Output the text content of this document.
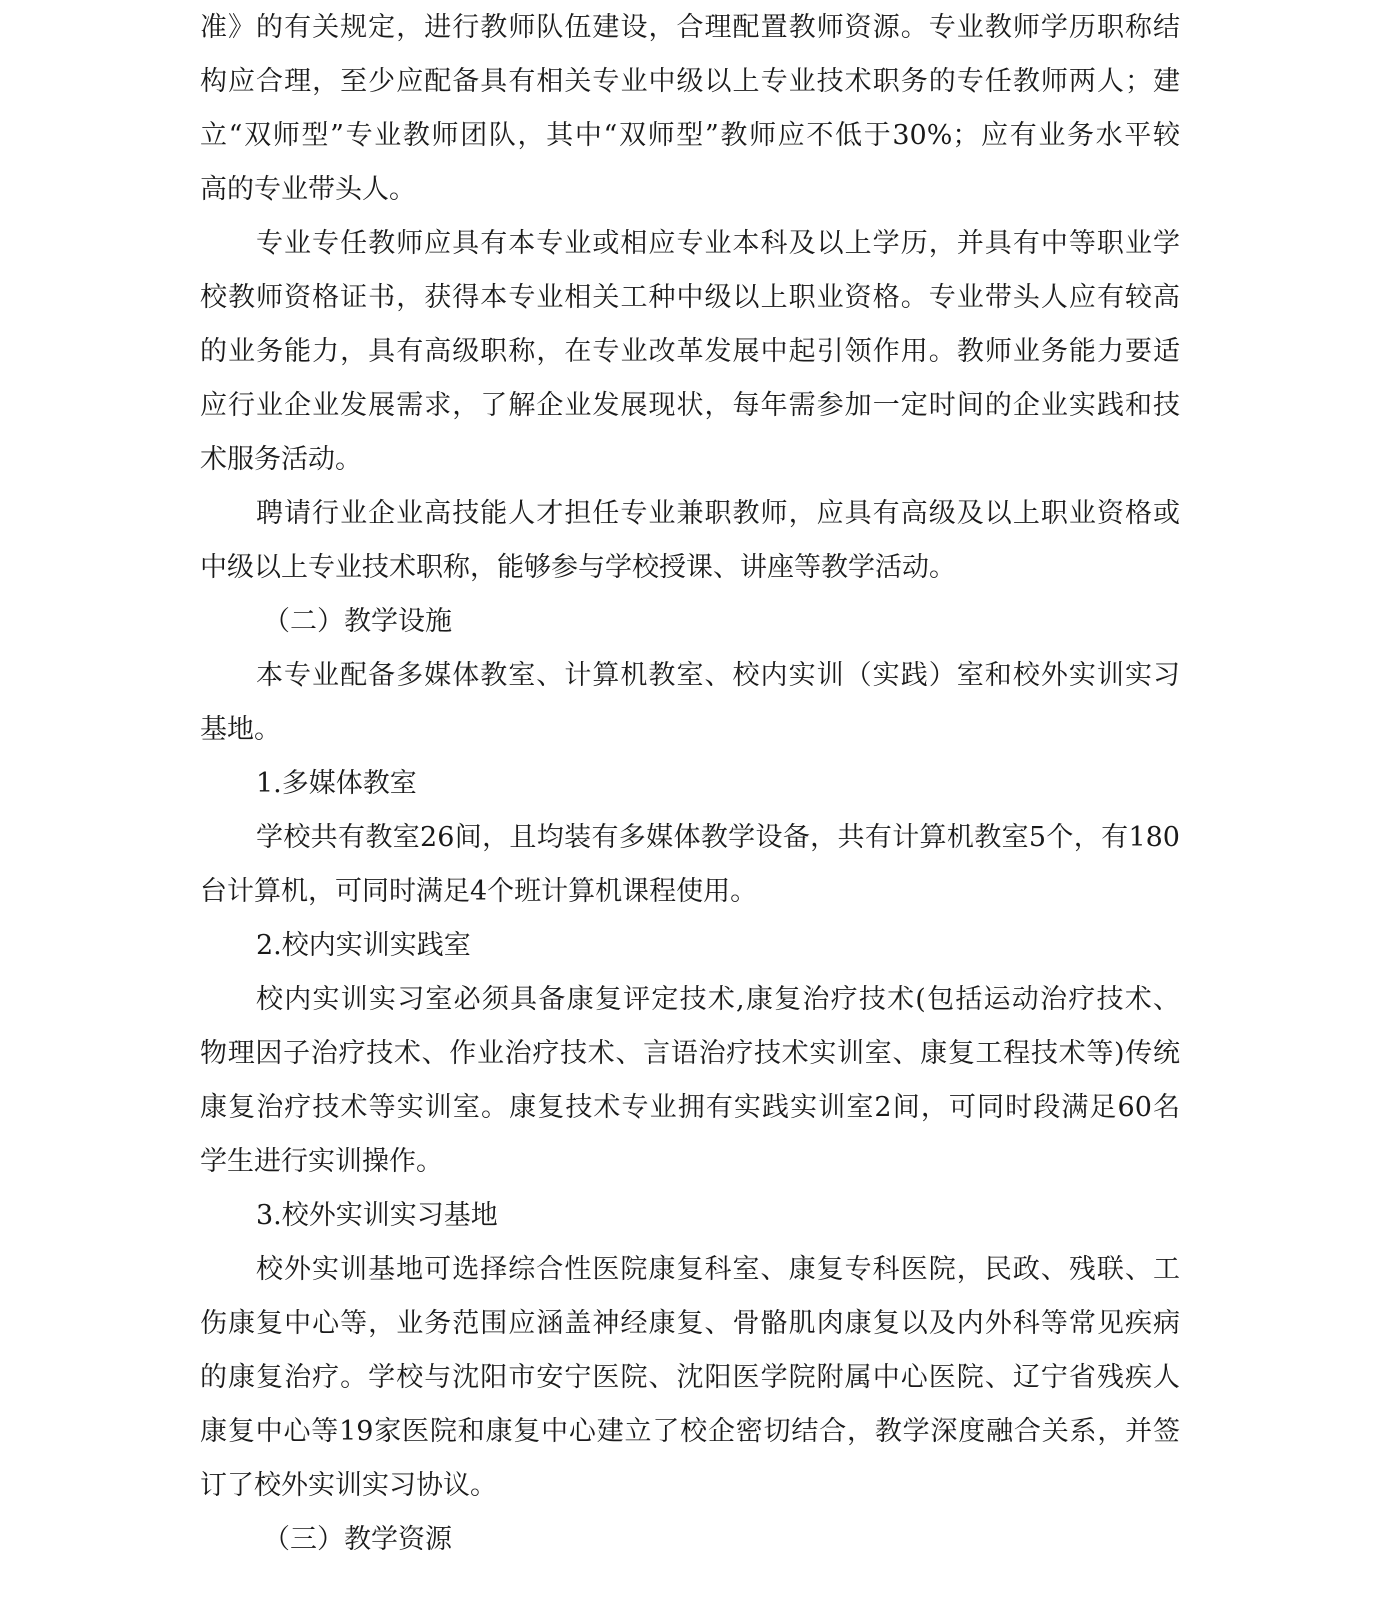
准》的有关规定，进行教师队伍建设，合理配置教师资源。专业教师学历职称结
构应合理，至少应配备具有相关专业中级以上专业技术职务的专任教师两人；建
立“双师型”专业教师团队，其中“双师型”教师应不低于30%；应有业务水平较
高的专业带头人。
专业专任教师应具有本专业或相应专业本科及以上学历，并具有中等职业学
校教师资格证书，获得本专业相关工种中级以上职业资格。专业带头人应有较高
的业务能力，具有高级职称，在专业改革发展中起引领作用。教师业务能力要适
应行业企业发展需求，了解企业发展现状，每年需参加一定时间的企业实践和技
术服务活动。
聘请行业企业高技能人才担任专业兼职教师，应具有高级及以上职业资格或
中级以上专业技术职称，能够参与学校授课、讲座等教学活动。
（二）教学设施
本专业配备多媒体教室、计算机教室、校内实训（实践）室和校外实训实习
基地。
1.多媒体教室
学校共有教室26间，且均装有多媒体教学设备，共有计算机教室5个，有180
台计算机，可同时满足4个班计算机课程使用。
2.校内实训实践室
校内实训实习室必须具备康复评定技术,康复治疗技术(包括运动治疗技术、
物理因子治疗技术、作业治疗技术、言语治疗技术实训室、康复工程技术等)传统
康复治疗技术等实训室。康复技术专业拥有实践实训室2间，可同时段满足60名
学生进行实训操作。
3.校外实训实习基地
校外实训基地可选择综合性医院康复科室、康复专科医院，民政、残联、工
伤康复中心等，业务范围应涵盖神经康复、骨骼肌肉康复以及内外科等常见疾病
的康复治疗。学校与沈阳市安宁医院、沈阳医学院附属中心医院、辽宁省残疾人
康复中心等19家医院和康复中心建立了校企密切结合，教学深度融合关系，并签
订了校外实训实习协议。
（三）教学资源
